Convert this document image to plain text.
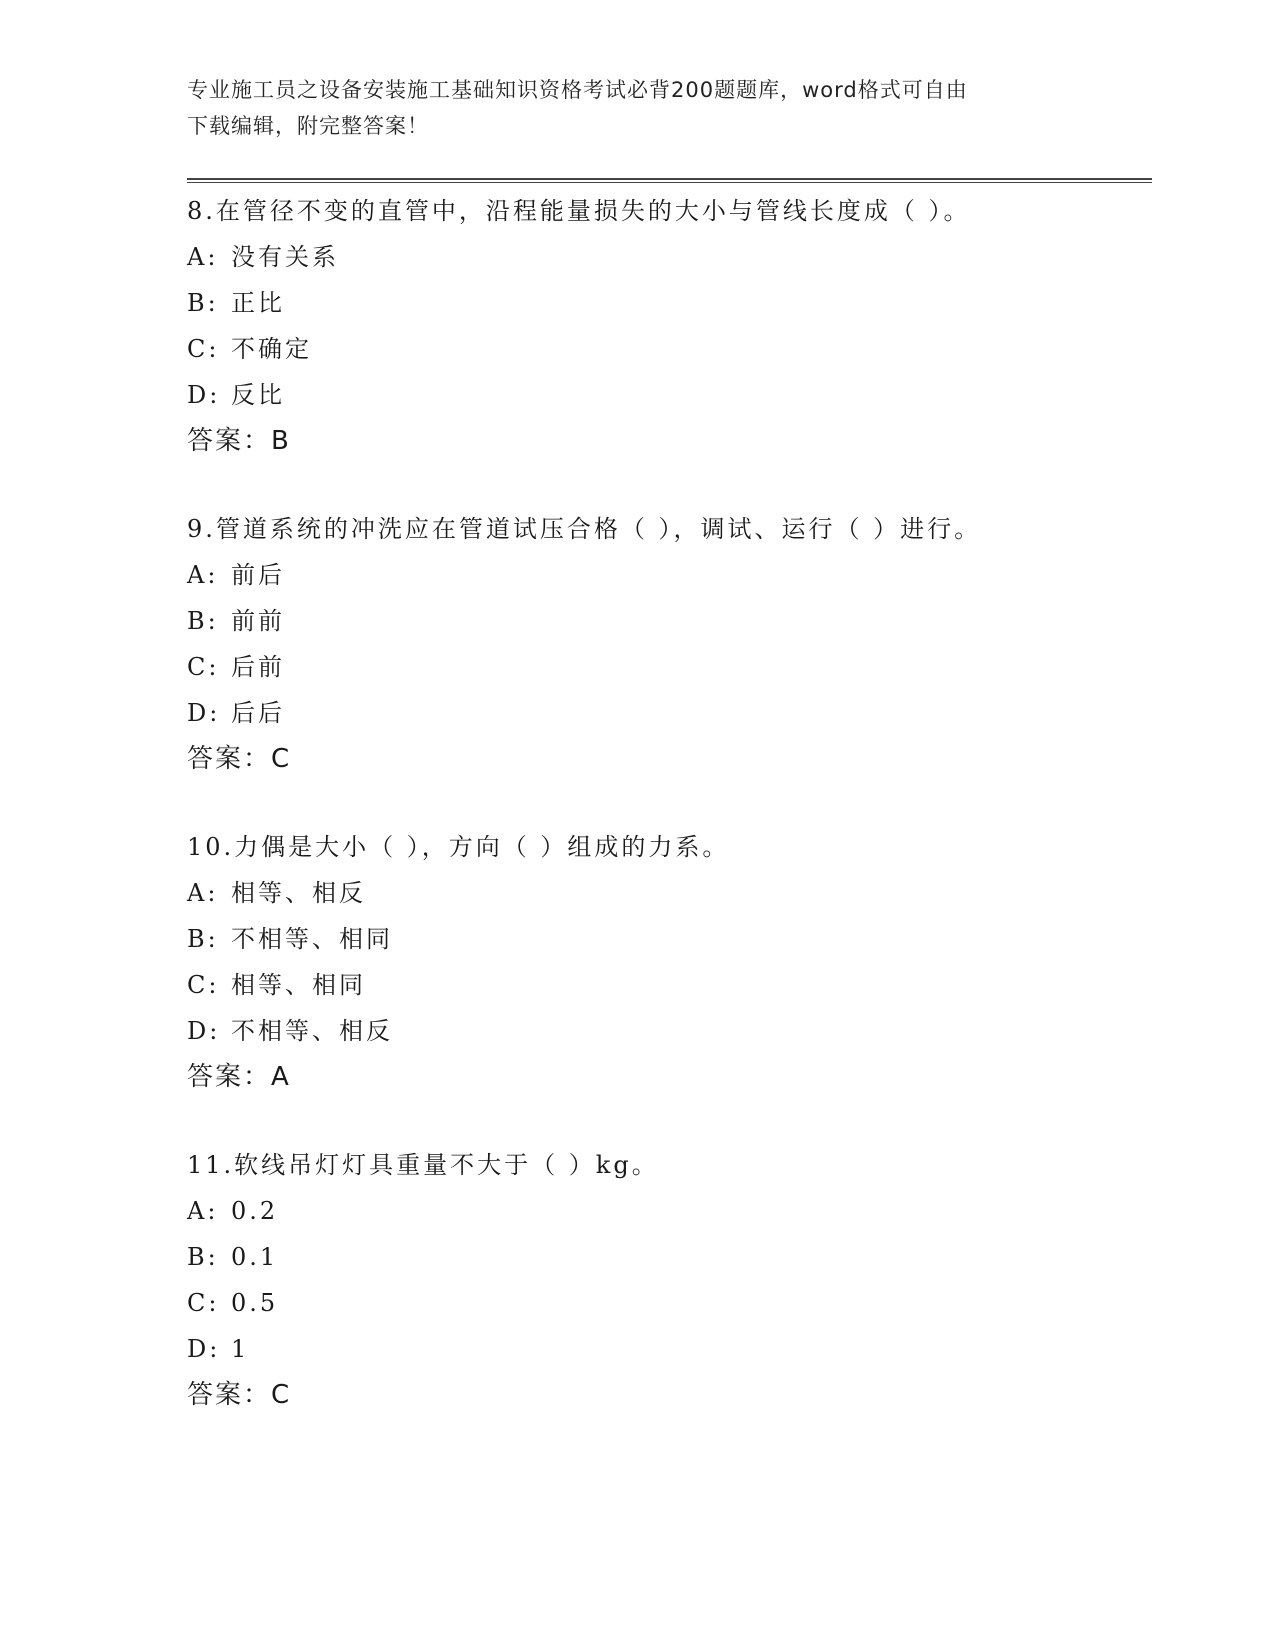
专业施工员之设备安装施工基础知识资格考试必背200题题库，word格式可自由
下载编辑，附完整答案！
8.在管径不变的直管中，沿程能量损失的大小与管线长度成（ ）。
A: 没有关系
B: 正比
C: 不确定
D: 反比
答案：B
9.管道系统的冲洗应在管道试压合格（ ），调试、运行（ ）进行。
A: 前后
B: 前前
C: 后前
D: 后后
答案：C
10.力偶是大小（ ），方向（ ）组成的力系。
A: 相等、相反
B: 不相等、相同
C: 相等、相同
D: 不相等、相反
答案：A
11.软线吊灯灯具重量不大于（ ）kg。
A: 0.2
B: 0.1
C: 0.5
D: 1
答案：C
